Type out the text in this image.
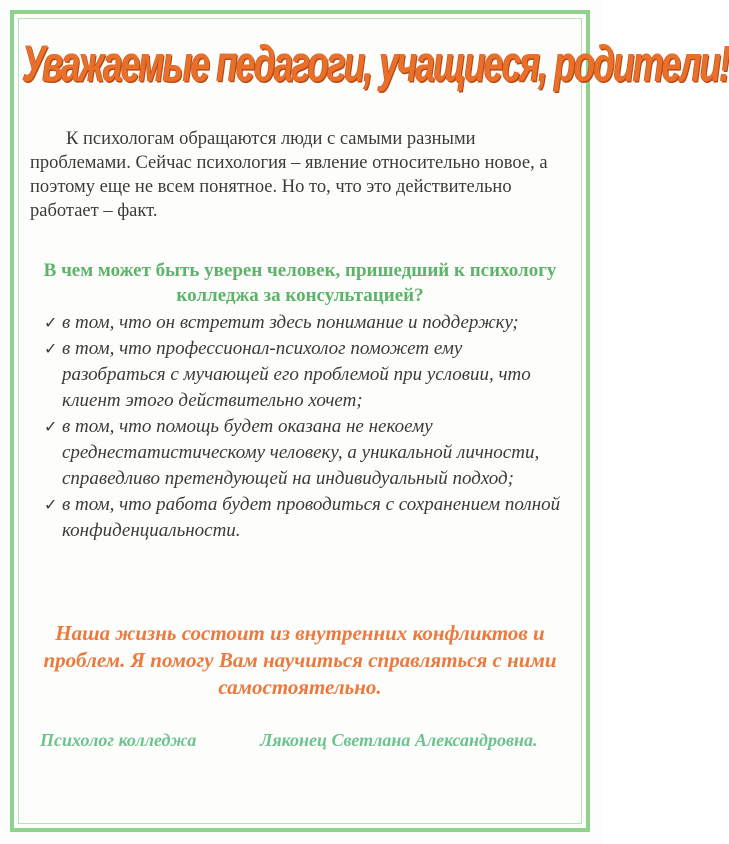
Уважаемые педагоги, учащиеся, родители!

К психологам обращаются люди с самыми разными проблемами. Сейчас психология – явление относительно новое, а поэтому еще не всем понятное. Но то, что это действительно работает – факт.

В чем может быть уверен человек, пришедший к психологу колледжа за консультацией?

✓ в том, что он встретит здесь понимание и поддержку;
✓ в том, что профессионал-психолог поможет ему разобраться с мучающей его проблемой при условии, что клиент этого действительно хочет;
✓ в том, что помощь будет оказана не некоему среднестатистическому человеку, а уникальной личности, справедливо претендующей на индивидуальный подход;
✓ в том, что работа будет проводиться с сохранением полной конфиденциальности.

Наша жизнь состоит из внутренних конфликтов и проблем. Я помогу Вам научиться справляться с ними самостоятельно.

Психолог колледжа	Ляконец Светлана Александровна.
